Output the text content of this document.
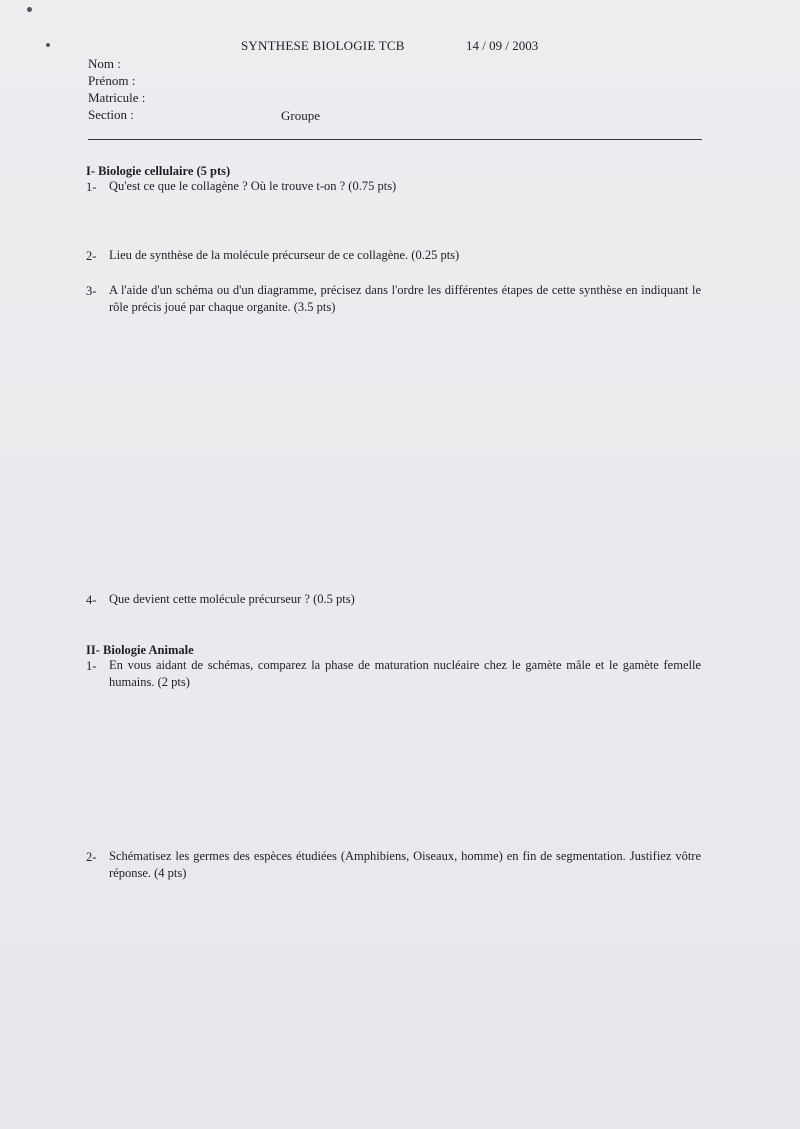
SYNTHESE BIOLOGIE TCB	14 / 09 / 2003
Nom :
Prénom :
Matricule :
Section :	Groupe
I- Biologie cellulaire (5 pts)
1- Qu'est ce que le collagène ? Où le trouve t-on ? (0.75 pts)
2- Lieu de synthèse de la molécule précurseur de ce collagène. (0.25 pts)
3- A l'aide d'un schéma ou d'un diagramme, précisez dans l'ordre les différentes étapes de cette synthèse en indiquant le rôle précis joué par chaque organite. (3.5 pts)
4- Que devient cette molécule précurseur ? (0.5 pts)
II- Biologie Animale
1- En vous aidant de schémas, comparez la phase de maturation nucléaire chez le gamète mâle et le gamète femelle humains. (2 pts)
2- Schématisez les germes des espèces étudiées (Amphibiens, Oiseaux, homme) en fin de segmentation. Justifiez vôtre réponse. (4 pts)
